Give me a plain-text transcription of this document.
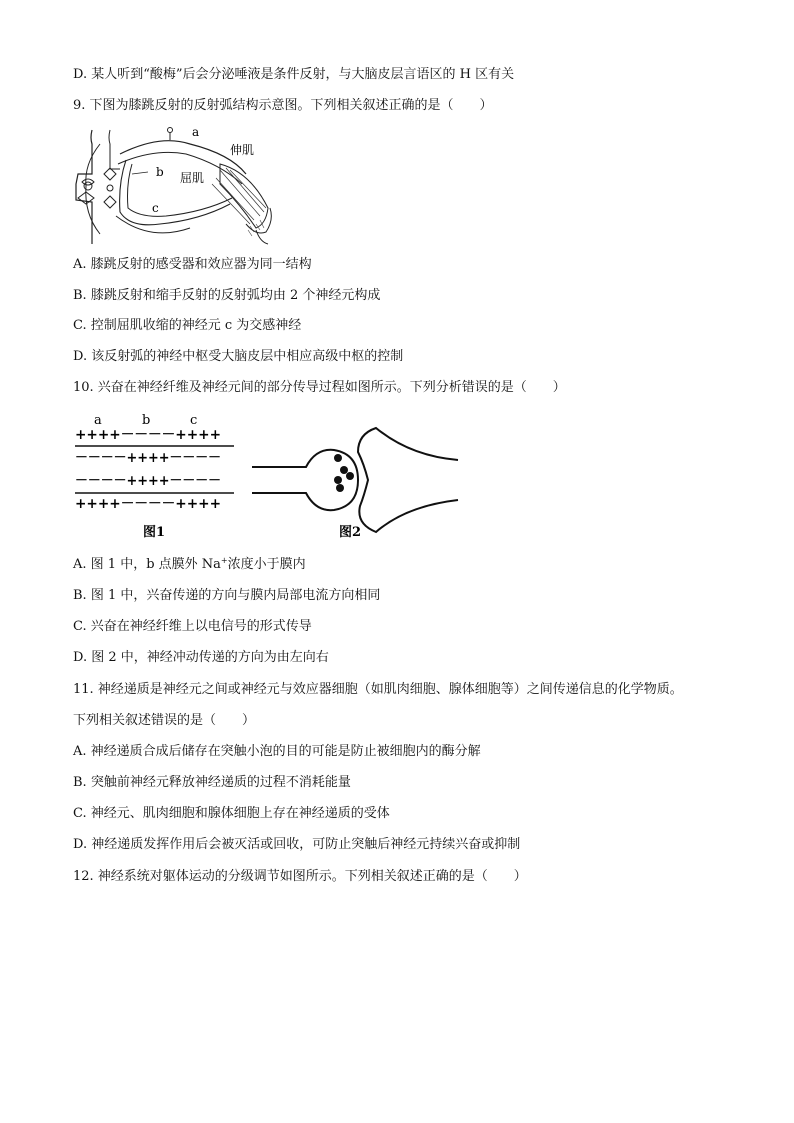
D. 某人听到“酸梅”后会分泌唾液是条件反射，与大脑皮层言语区的 H 区有关
9. 下图为膝跳反射的反射弧结构示意图。下列相关叙述正确的是（　　）
a
b
c
伸肌
屈肌
A. 膝跳反射的感受器和效应器为同一结构
B. 膝跳反射和缩手反射的反射弧均由 2 个神经元构成
C. 控制屈肌收缩的神经元 c 为交感神经
D. 该反射弧的神经中枢受大脑皮层中相应高级中枢的控制
10. 兴奋在神经纤维及神经元间的部分传导过程如图所示。下列分析错误的是（　　）
a	b	c
++++－－－－++++
－－－－++++－－－－
－－－－++++－－－－
++++－－－－++++
图1	图2
A. 图 1 中，b 点膜外 Na+浓度小于膜内
B. 图 1 中，兴奋传递的方向与膜内局部电流方向相同
C. 兴奋在神经纤维上以电信号的形式传导
D. 图 2 中，神经冲动传递的方向为由左向右
11. 神经递质是神经元之间或神经元与效应器细胞（如肌肉细胞、腺体细胞等）之间传递信息的化学物质。
下列相关叙述错误的是（　　）
A. 神经递质合成后储存在突触小泡的目的可能是防止被细胞内的酶分解
B. 突触前神经元释放神经递质的过程不消耗能量
C. 神经元、肌肉细胞和腺体细胞上存在神经递质的受体
D. 神经递质发挥作用后会被灭活或回收，可防止突触后神经元持续兴奋或抑制
12. 神经系统对躯体运动的分级调节如图所示。下列相关叙述正确的是（　　）
